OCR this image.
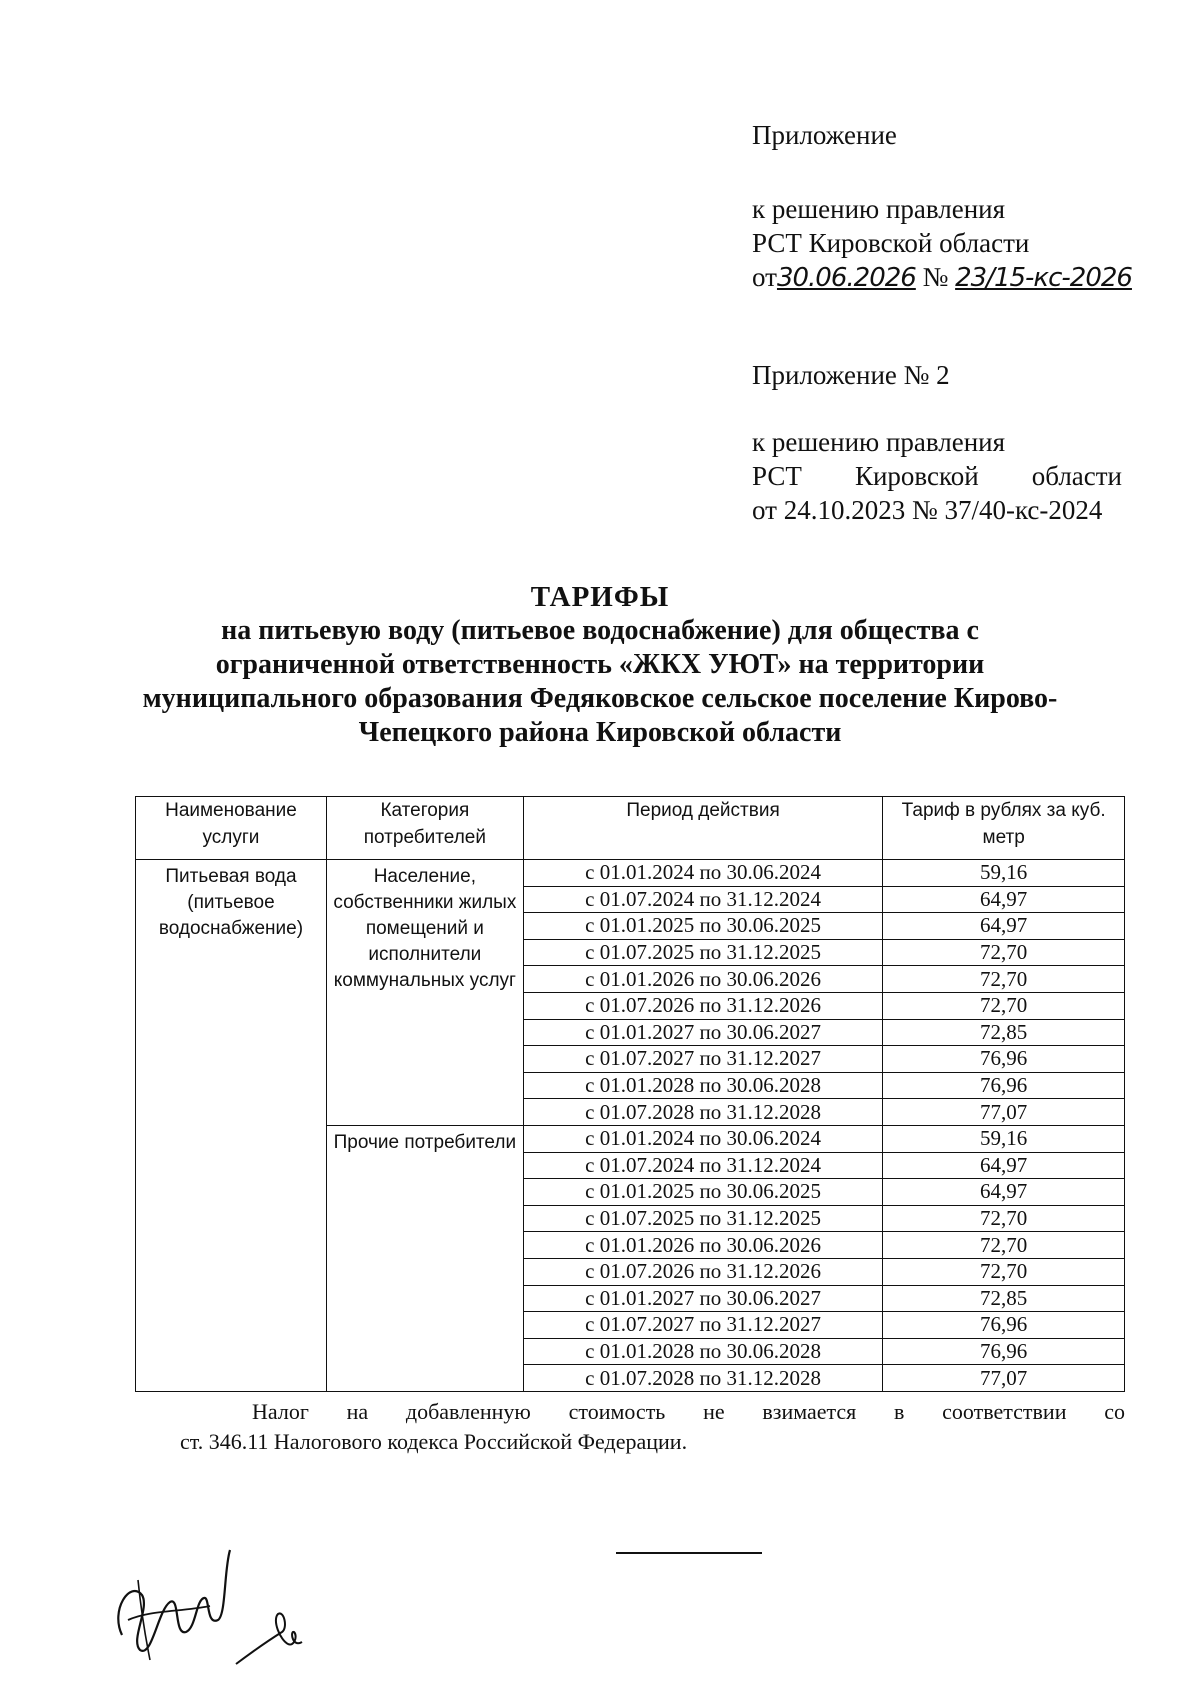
Приложение
к решению правления
РСТ Кировской области
от30.06.2026 № 23/15-кс-2026
Приложение № 2
к решению правления
РСТ Кировской области
от 24.10.2023 № 37/40-кс-2024
ТАРИФЫ
на питьевую воду (питьевое водоснабжение) для общества с
ограниченной ответственность «ЖКХ УЮТ» на территории
муниципального образования Федяковское сельское поселение Кирово-
Чепецкого района Кировской области
Наименование услуги	Категория потребителей	Период действия	Тариф в рублях за куб. метр
Питьевая вода (питьевое водоснабжение)	Население, собственники жилых помещений и исполнители коммунальных услуг	с 01.01.2024 по 30.06.2024	59,16
		с 01.07.2024 по 31.12.2024	64,97
		с 01.01.2025 по 30.06.2025	64,97
		с 01.07.2025 по 31.12.2025	72,70
		с 01.01.2026 по 30.06.2026	72,70
		с 01.07.2026 по 31.12.2026	72,70
		с 01.01.2027 по 30.06.2027	72,85
		с 01.07.2027 по 31.12.2027	76,96
		с 01.01.2028 по 30.06.2028	76,96
		с 01.07.2028 по 31.12.2028	77,07
	Прочие потребители	с 01.01.2024 по 30.06.2024	59,16
		с 01.07.2024 по 31.12.2024	64,97
		с 01.01.2025 по 30.06.2025	64,97
		с 01.07.2025 по 31.12.2025	72,70
		с 01.01.2026 по 30.06.2026	72,70
		с 01.07.2026 по 31.12.2026	72,70
		с 01.01.2027 по 30.06.2027	72,85
		с 01.07.2027 по 31.12.2027	76,96
		с 01.01.2028 по 30.06.2028	76,96
		с 01.07.2028 по 31.12.2028	77,07
Налог на добавленную стоимость не взимается в соответствии со
ст. 346.11 Налогового кодекса Российской Федерации.
